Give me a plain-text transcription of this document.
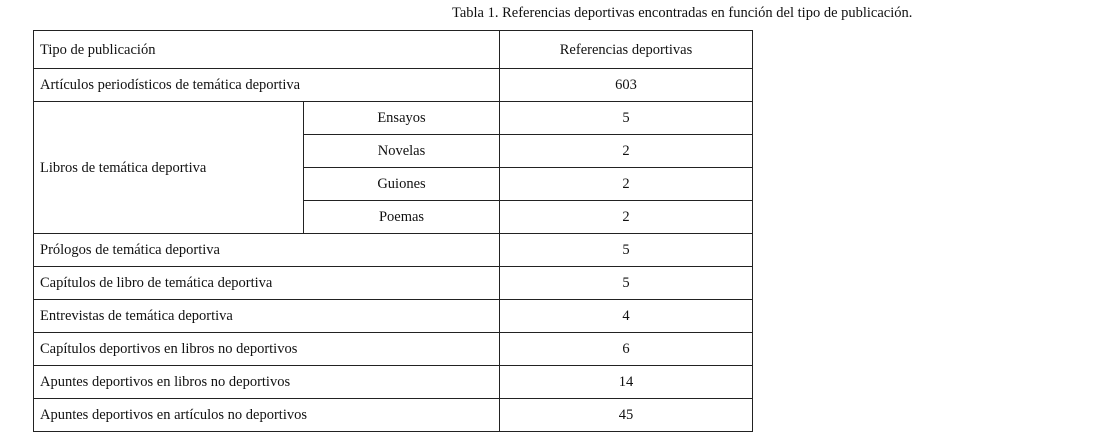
Tabla 1. Referencias deportivas encontradas en función del tipo de publicación.
Tipo de publicación		Referencias deportivas
Artículos periodísticos de temática deportiva		603
Libros de temática deportiva	Ensayos	5
	Novelas	2
	Guiones	2
	Poemas	2
Prólogos de temática deportiva		5
Capítulos de libro de temática deportiva		5
Entrevistas de temática deportiva		4
Capítulos deportivos en libros no deportivos		6
Apuntes deportivos en libros no deportivos		14
Apuntes deportivos en artículos no deportivos		45
